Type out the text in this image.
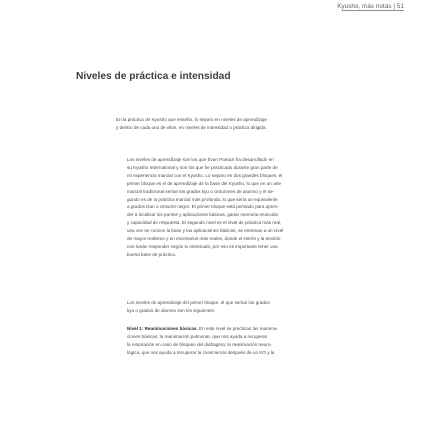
Kyusho, más notas | 51
Niveles de práctica e intensidad
En la práctica de Kyusho que enseño, lo separo en niveles de aprendizaje
y dentro de cada uno de ellos, en niveles de intensidad o práctica dirigida.
Los niveles de aprendizaje son los que Evan Pantazi ha desarrollado en
su Kyusho International y son los que he practicado durante gran parte de
mi experiencia marcial con el Kyusho. Lo separo en dos grandes bloques, el
primer bloque es el de aprendizaje de la base del Kyusho, lo que en un arte
marcial tradicional serían los grados kyu o cinturones de alumno y el se-
gundo es de la práctica marcial más profunda, lo que sería un equivalente
a grados Dan o cinturón negro. El primer bloque está pensado para apren-
der a localizar los puntos y aplicaciones básicas, ganar memoria muscular
y capacidad de respuesta. El segundo nivel es el nivel de práctica más real,
una vez se conoce la base y las aplicaciones básicas, se entrenan a un nivel
de mayor realismo y en escenarios más reales, donde el estrés y la tensión
nos harán responder según lo entrenado, por eso es importante tener una
buena base de práctica.
Los niveles de aprendizaje del primer bloque, el que serían los grados
kyu o grados de alumno son los siguientes:
Nivel 1: Reanimaciones básicas. En este nivel se practican las reanima-
ciones básicas, la reanimación pulmonar, que nos ayuda a recuperar
la respiración en caso de bloqueo del diafragma; la reanimación neuro-
lógica, que nos ayuda a recuperar la consciencia después de un KO y la
